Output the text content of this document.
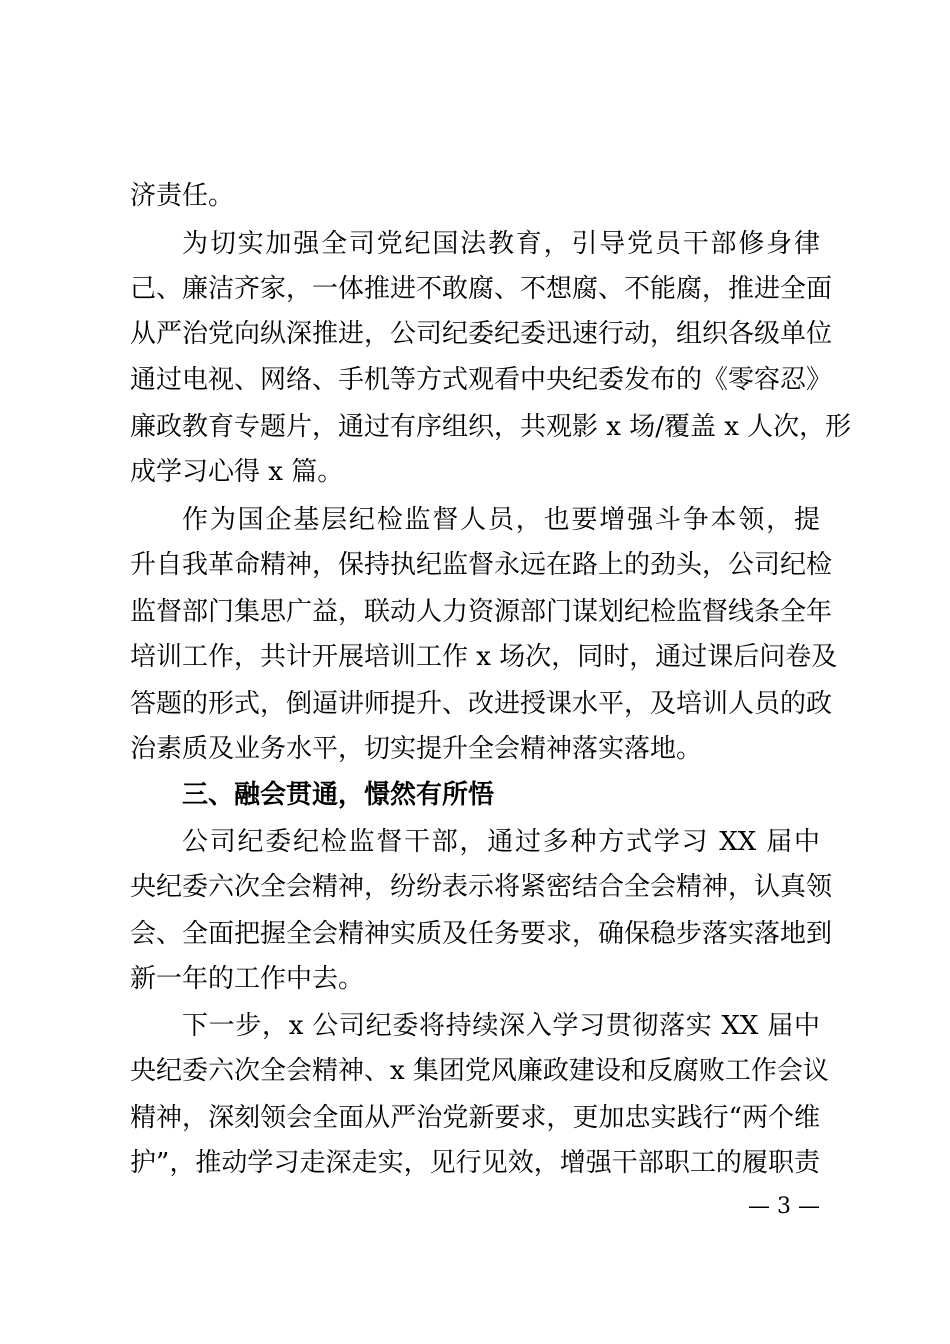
济责任。
为切实加强全司党纪国法教育，引导党员干部修身律
己、廉洁齐家，一体推进不敢腐、不想腐、不能腐，推进全面
从严治党向纵深推进，公司纪委纪委迅速行动，组织各级单位
通过电视、网络、手机等方式观看中央纪委发布的《零容忍》
廉政教育专题片，通过有序组织，共观影 x 场/覆盖 x 人次，形
成学习心得 x 篇。
作为国企基层纪检监督人员，也要增强斗争本领，提
升自我革命精神，保持执纪监督永远在路上的劲头，公司纪检
监督部门集思广益，联动人力资源部门谋划纪检监督线条全年
培训工作，共计开展培训工作 x 场次，同时，通过课后问卷及
答题的形式，倒逼讲师提升、改进授课水平，及培训人员的政
治素质及业务水平，切实提升全会精神落实落地。
三、融会贯通，憬然有所悟
公司纪委纪检监督干部，通过多种方式学习 XX 届中
央纪委六次全会精神，纷纷表示将紧密结合全会精神，认真领
会、全面把握全会精神实质及任务要求，确保稳步落实落地到
新一年的工作中去。
下一步，x 公司纪委将持续深入学习贯彻落实 XX 届中
央纪委六次全会精神、x 集团党风廉政建设和反腐败工作会议
精神，深刻领会全面从严治党新要求，更加忠实践行“两个维
护”，推动学习走深走实，见行见效，增强干部职工的履职责
— 3 —
